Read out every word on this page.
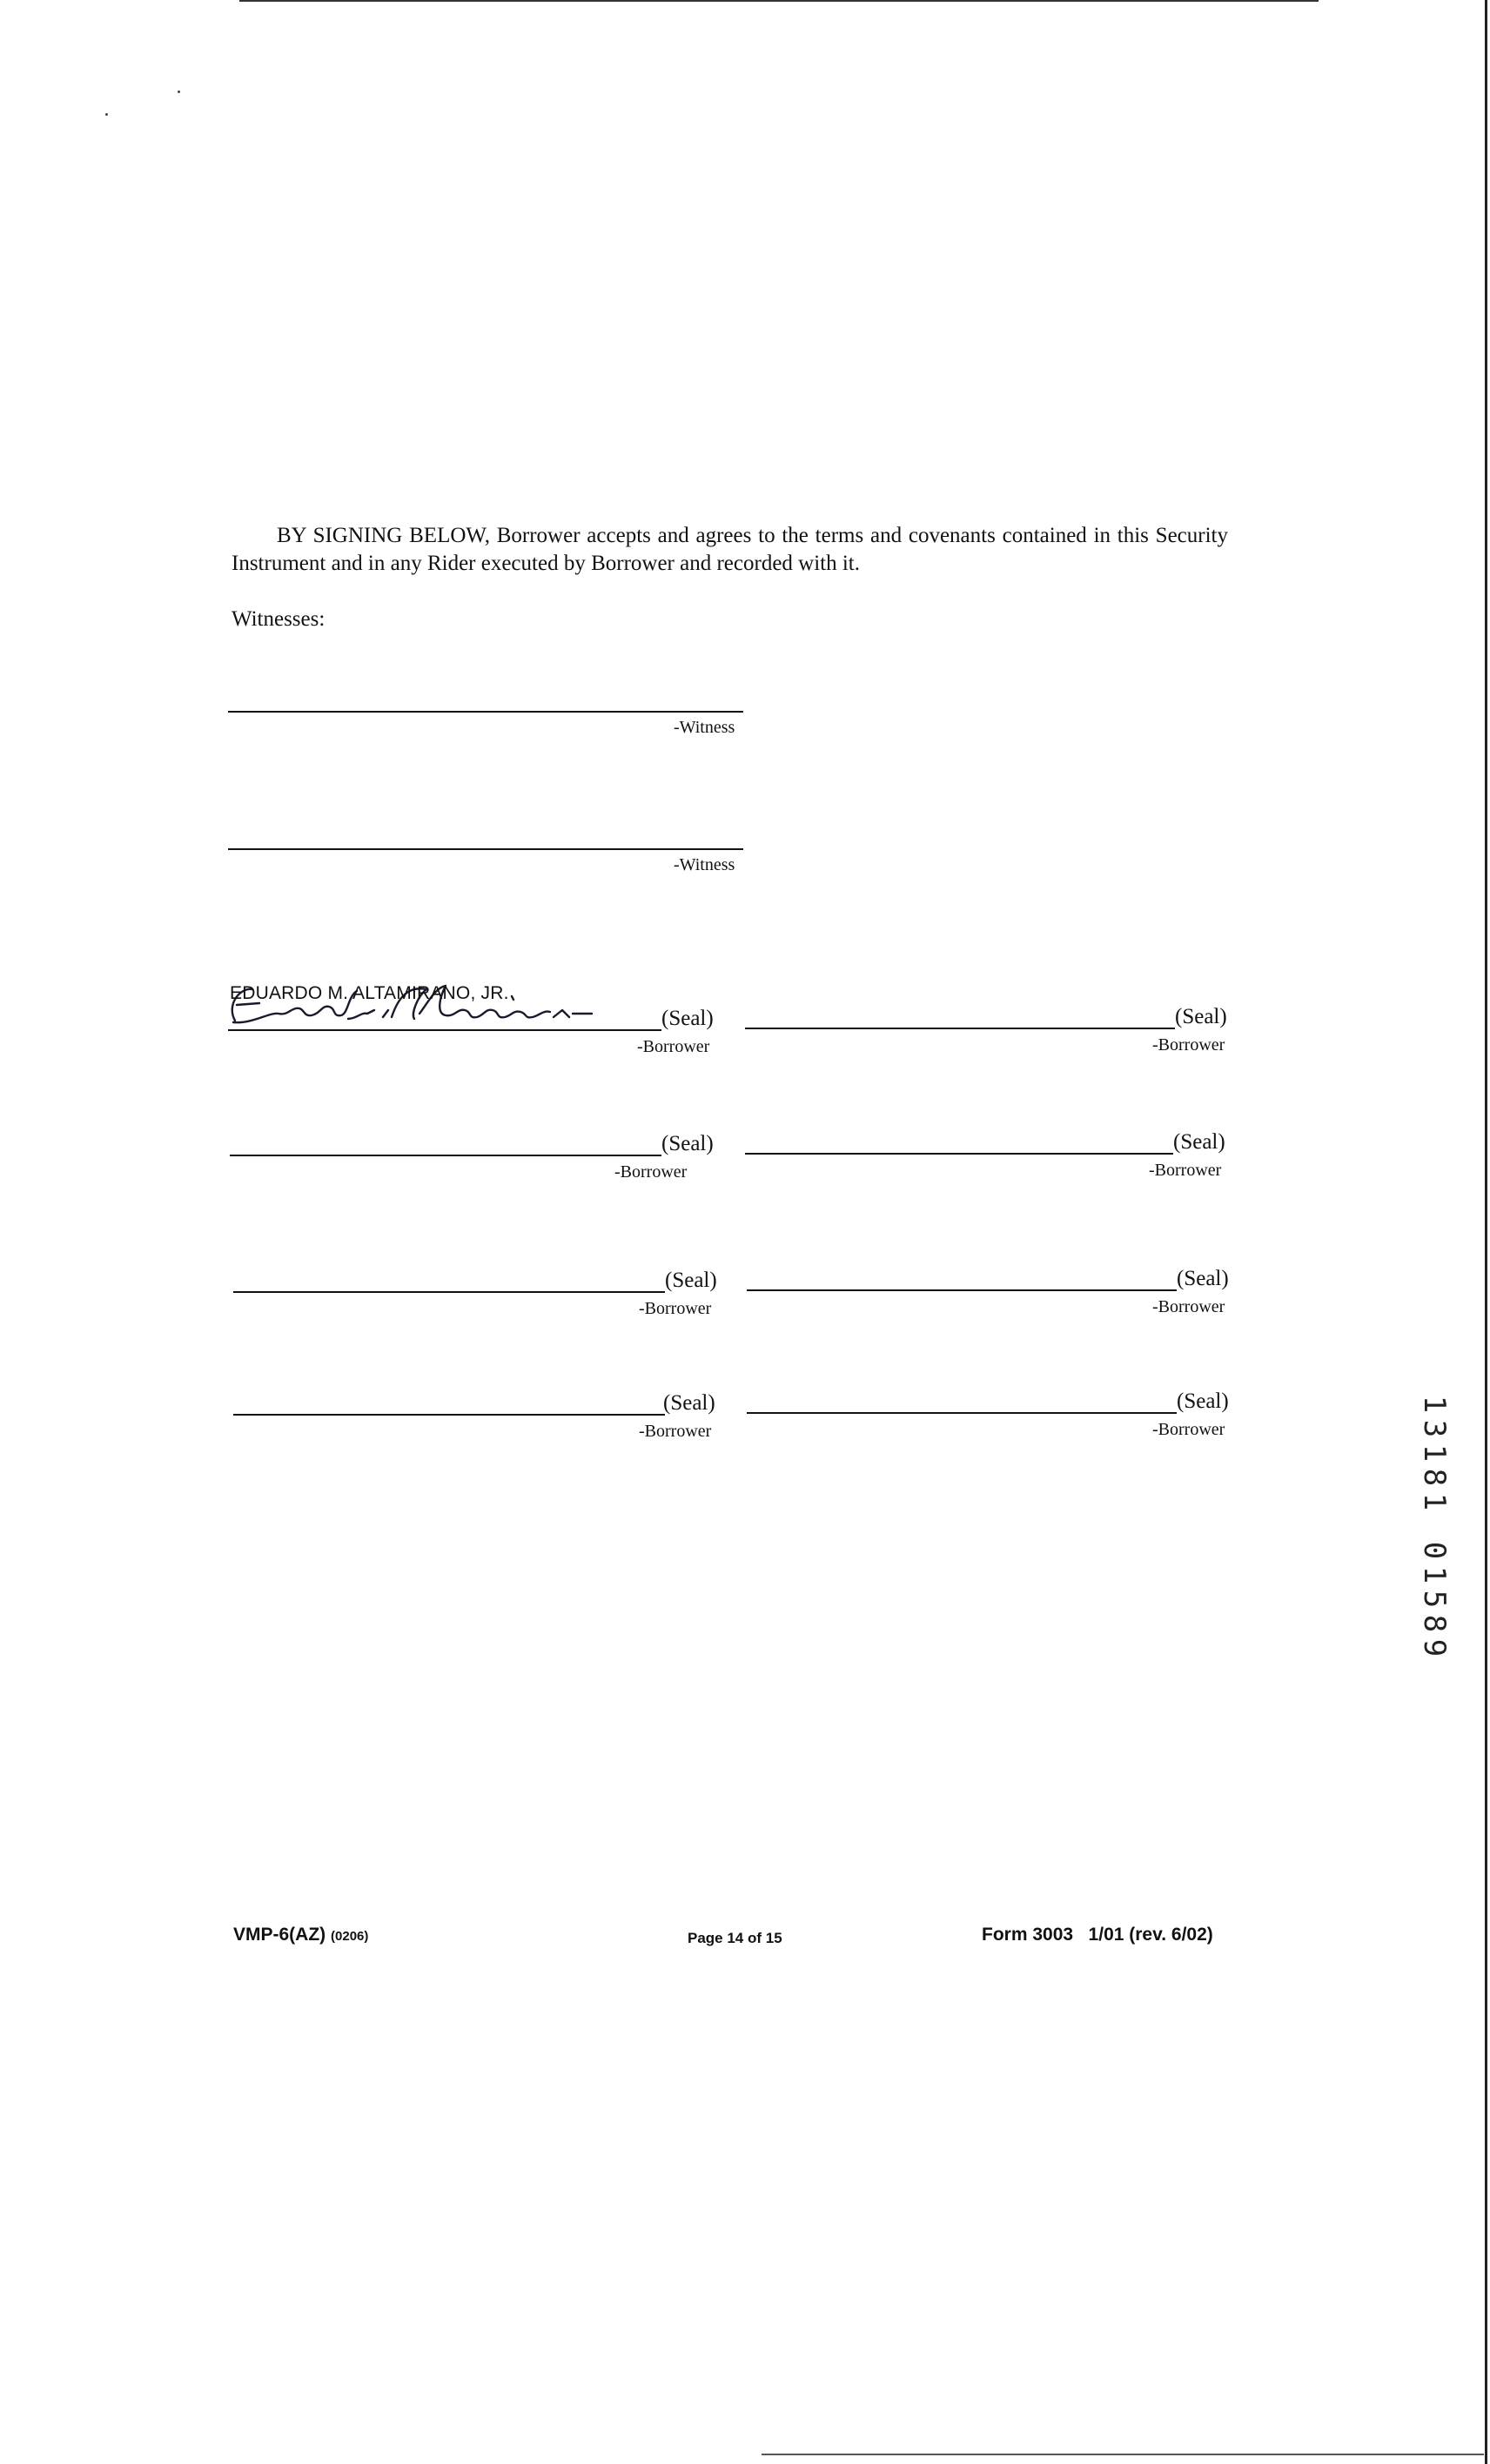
BY SIGNING BELOW, Borrower accepts and agrees to the terms and covenants contained in this Security Instrument and in any Rider executed by Borrower and recorded with it.
Witnesses:
-Witness
-Witness
EDUARDO M. ALTAMIRANO, JR.
(Seal)
-Borrower
(Seal)
-Borrower
(Seal)
-Borrower
(Seal)
-Borrower
(Seal)
-Borrower
(Seal)
-Borrower
(Seal)
-Borrower
(Seal)
-Borrower
1
3
1
8
1

0
1
5
8
9
VMP-6(AZ) (0206)	Page 14 of 15	Form 3003   1/01 (rev. 6/02)
